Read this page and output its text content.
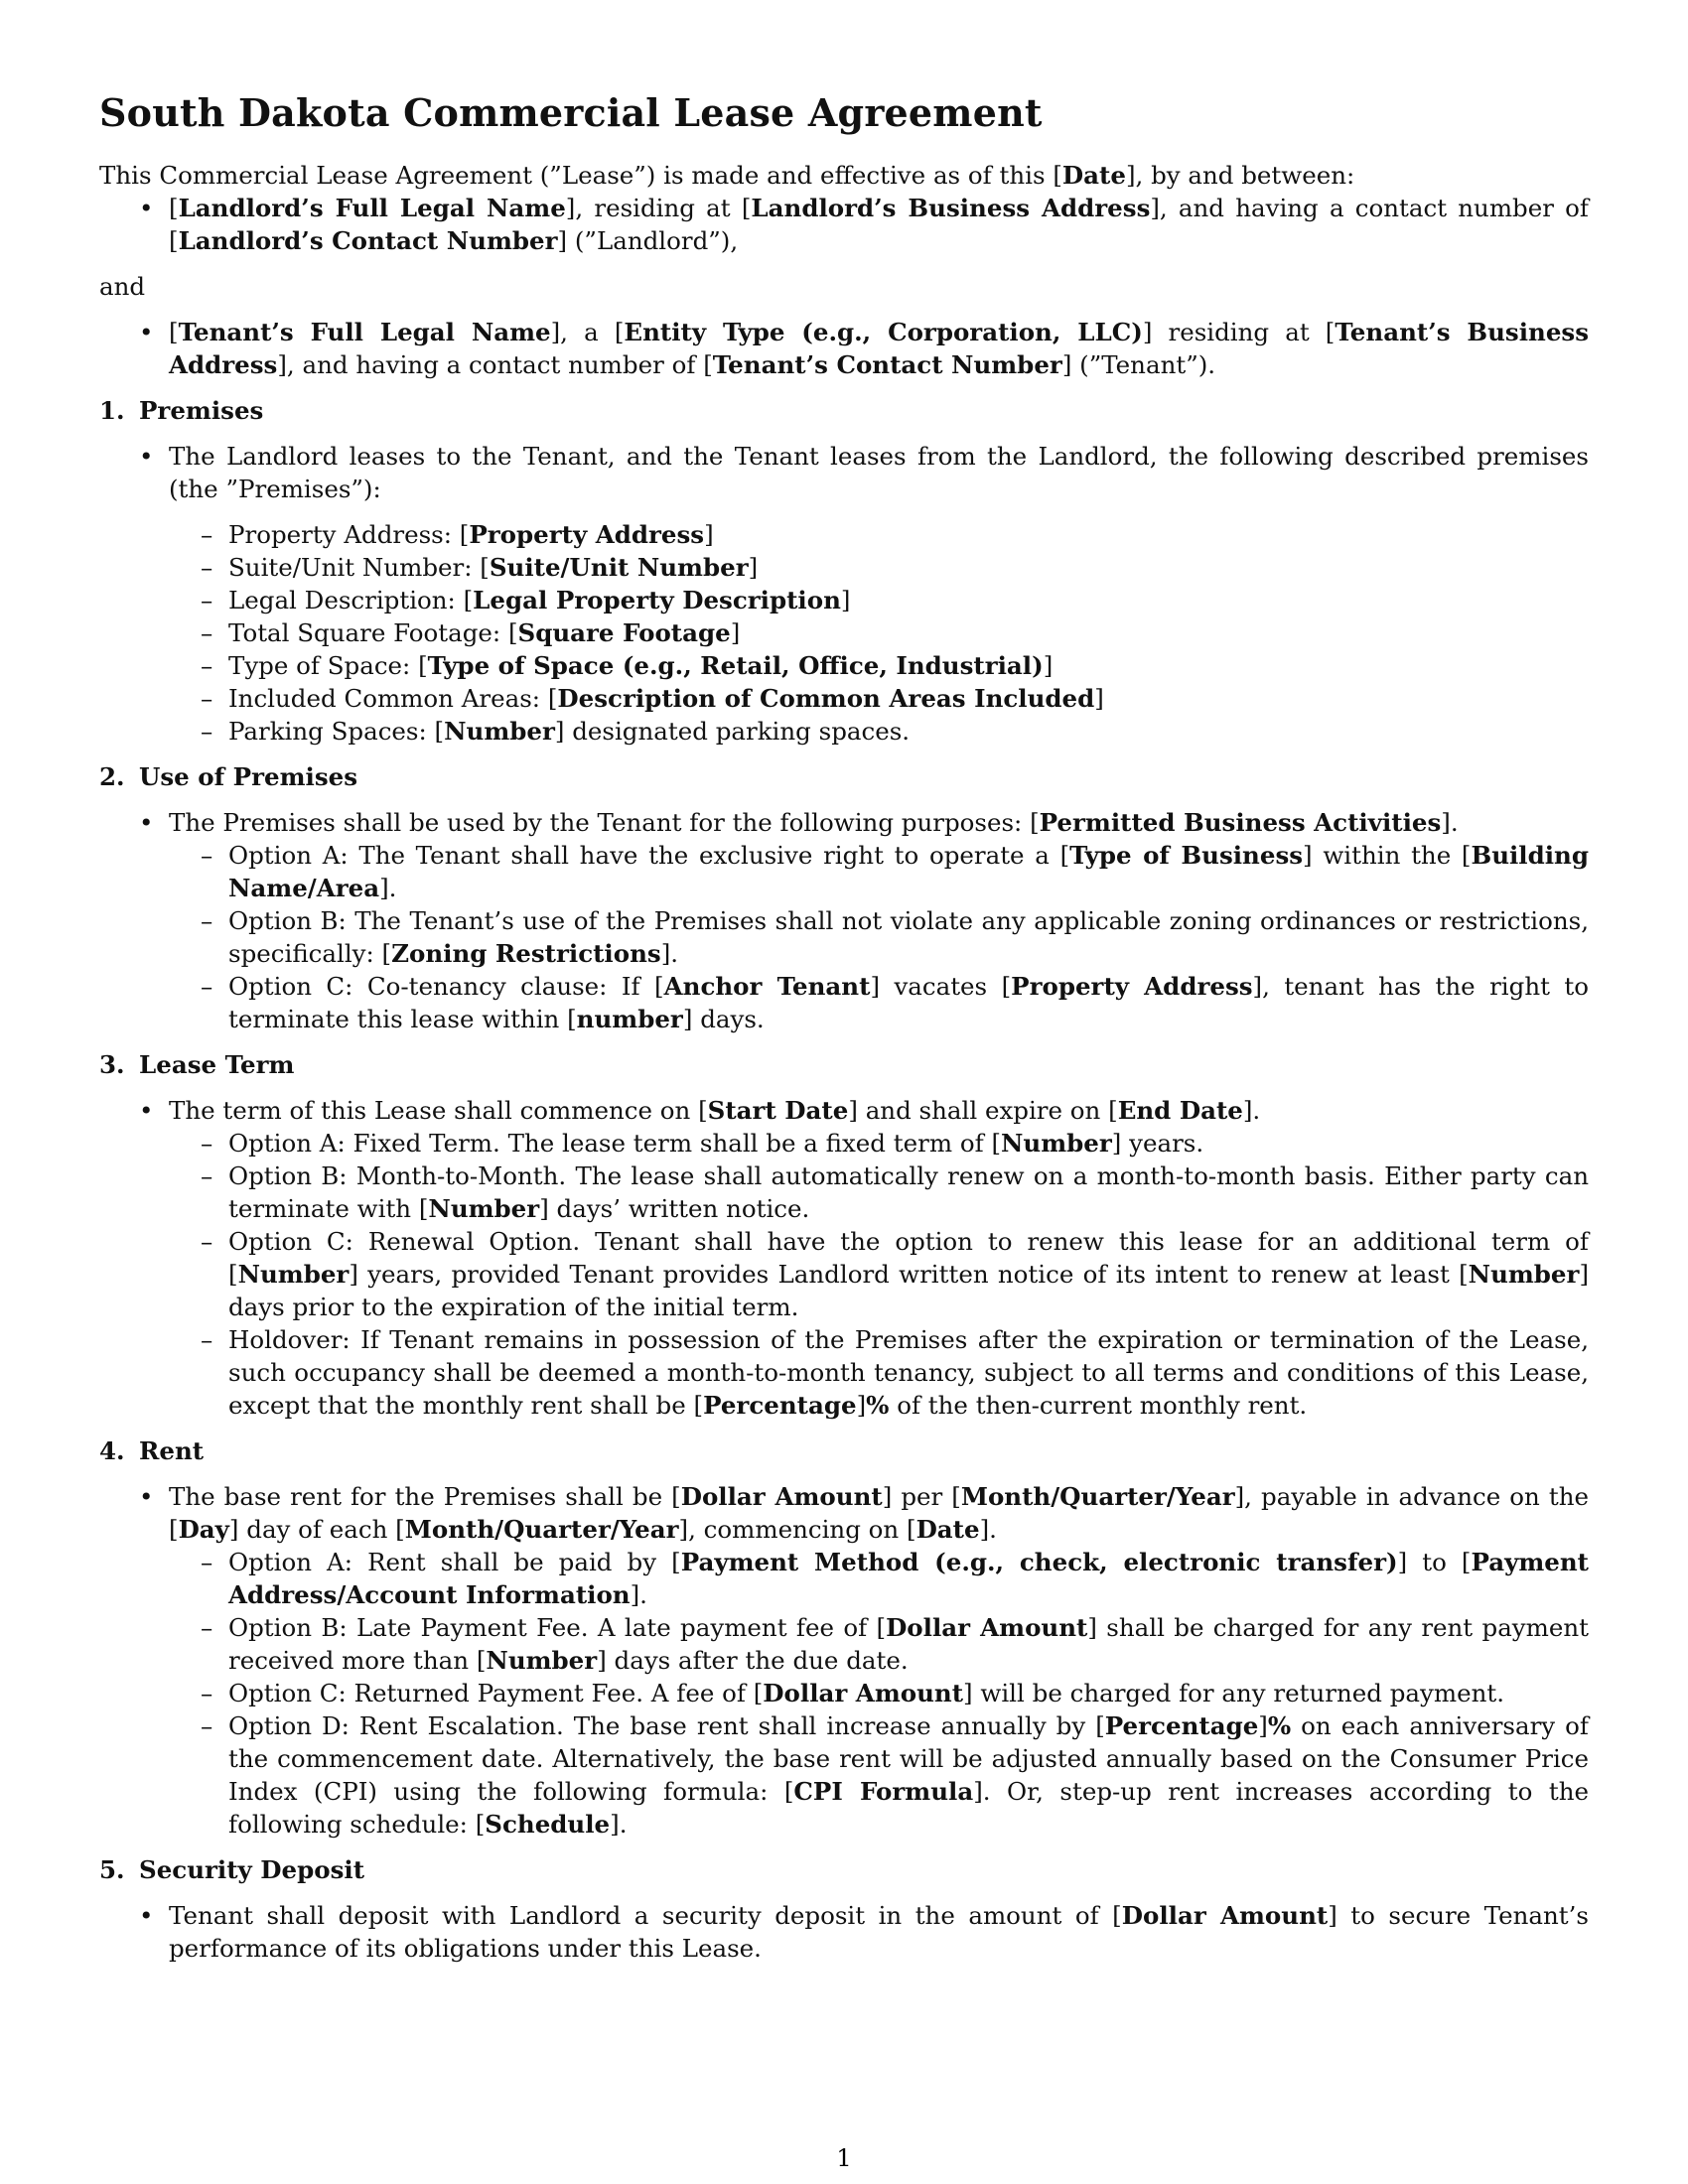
South Dakota Commercial Lease Agreement

This Commercial Lease Agreement (”Lease”) is made and effective as of this [Date], by and between:

• [Landlord’s Full Legal Name], residing at [Landlord’s Business Address], and having a contact number of [Landlord’s Contact Number] (”Landlord”),

and

• [Tenant’s Full Legal Name], a [Entity Type (e.g., Corporation, LLC)] residing at [Tenant’s Business Address], and having a contact number of [Tenant’s Contact Number] (”Tenant”).
1. Premises
• The Landlord leases to the Tenant, and the Tenant leases from the Landlord, the following described premises (the ”Premises”):
– Property Address: [Property Address]
– Suite/Unit Number: [Suite/Unit Number]
– Legal Description: [Legal Property Description]
– Total Square Footage: [Square Footage]
– Type of Space: [Type of Space (e.g., Retail, Office, Industrial)]
– Included Common Areas: [Description of Common Areas Included]
– Parking Spaces: [Number] designated parking spaces.
2. Use of Premises
• The Premises shall be used by the Tenant for the following purposes: [Permitted Business Activities].
– Option A: The Tenant shall have the exclusive right to operate a [Type of Business] within the [Building Name/Area].
– Option B: The Tenant’s use of the Premises shall not violate any applicable zoning ordinances or restrictions, specifically: [Zoning Restrictions].
– Option C: Co-tenancy clause: If [Anchor Tenant] vacates [Property Address], tenant has the right to terminate this lease within [number] days.
3. Lease Term
• The term of this Lease shall commence on [Start Date] and shall expire on [End Date].
– Option A: Fixed Term. The lease term shall be a fixed term of [Number] years.
– Option B: Month-to-Month. The lease shall automatically renew on a month-to-month basis. Either party can terminate with [Number] days’ written notice.
– Option C: Renewal Option. Tenant shall have the option to renew this lease for an additional term of [Number] years, provided Tenant provides Landlord written notice of its intent to renew at least [Number] days prior to the expiration of the initial term.
– Holdover: If Tenant remains in possession of the Premises after the expiration or termination of the Lease, such occupancy shall be deemed a month-to-month tenancy, subject to all terms and conditions of this Lease, except that the monthly rent shall be [Percentage]% of the then-current monthly rent.
4. Rent
• The base rent for the Premises shall be [Dollar Amount] per [Month/Quarter/Year], payable in advance on the [Day] day of each [Month/Quarter/Year], commencing on [Date].
– Option A: Rent shall be paid by [Payment Method (e.g., check, electronic transfer)] to [Payment Address/Account Information].
– Option B: Late Payment Fee. A late payment fee of [Dollar Amount] shall be charged for any rent payment received more than [Number] days after the due date.
– Option C: Returned Payment Fee. A fee of [Dollar Amount] will be charged for any returned payment.
– Option D: Rent Escalation. The base rent shall increase annually by [Percentage]% on each anniversary of the commencement date. Alternatively, the base rent will be adjusted annually based on the Consumer Price Index (CPI) using the following formula: [CPI Formula]. Or, step-up rent increases according to the following schedule: [Schedule].
5. Security Deposit
• Tenant shall deposit with Landlord a security deposit in the amount of [Dollar Amount] to secure Tenant’s performance of its obligations under this Lease.
1
